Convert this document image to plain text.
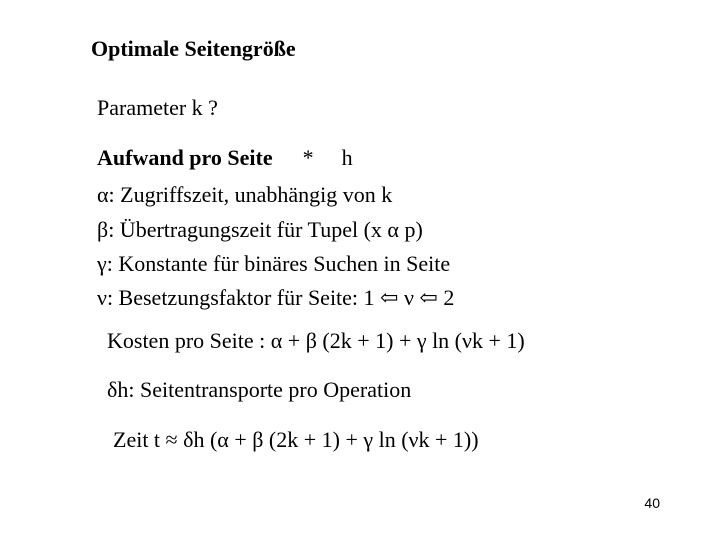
Optimale Seitengröße
Parameter k ?
Aufwand pro Seite * h
α: Zugriffszeit, unabhängig von k
β: Übertragungszeit für Tupel (x α p)
γ: Konstante für binäres Suchen in Seite
ν: Besetzungsfaktor für Seite: 1 ⇦ ν ⇦ 2
Kosten pro Seite : α + β (2k + 1) + γ ln (νk + 1)
δh: Seitentransporte pro Operation
Zeit t ≈ δh (α + β (2k + 1) + γ ln (νk + 1))
40
